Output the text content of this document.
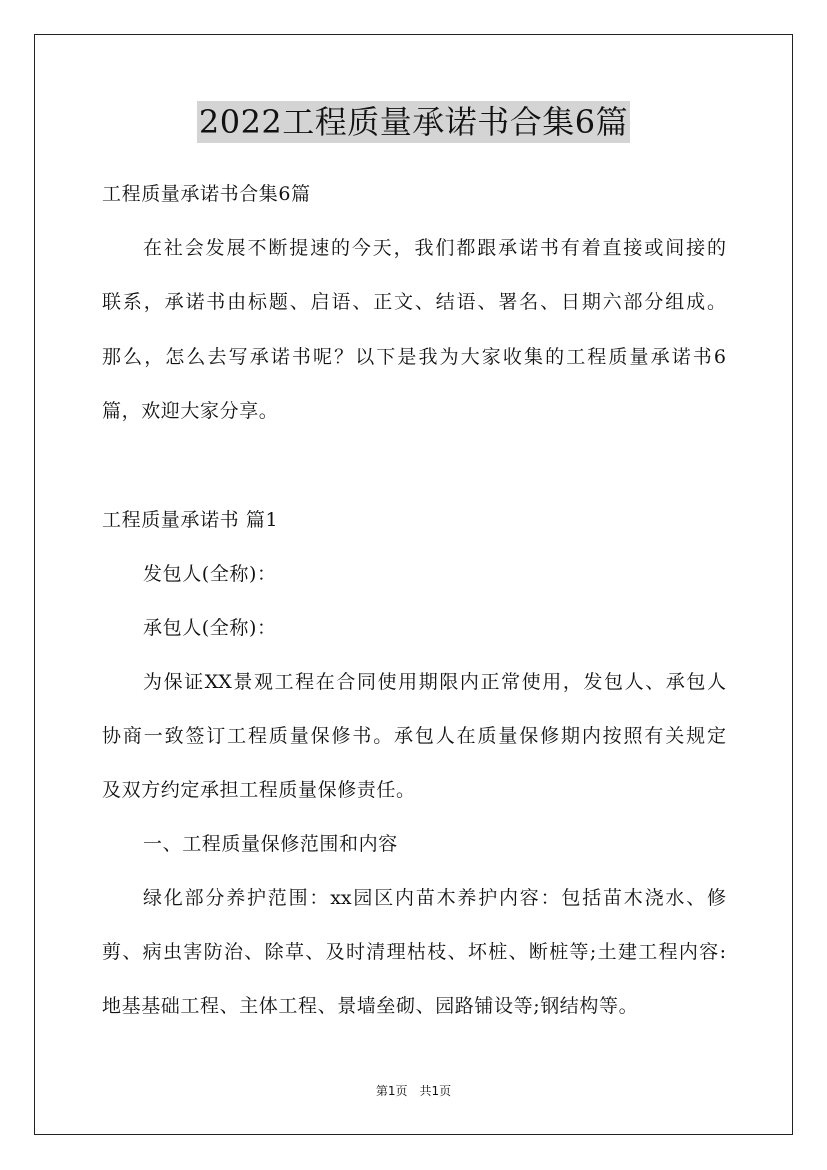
2022工程质量承诺书合集6篇
工程质量承诺书合集6篇
在社会发展不断提速的今天，我们都跟承诺书有着直接或间接的
联系，承诺书由标题、启语、正文、结语、署名、日期六部分组成。
那么，怎么去写承诺书呢？以下是我为大家收集的工程质量承诺书6
篇，欢迎大家分享。
工程质量承诺书 篇1
发包人(全称)：
承包人(全称)：
为保证XX景观工程在合同使用期限内正常使用，发包人、承包人
协商一致签订工程质量保修书。承包人在质量保修期内按照有关规定
及双方约定承担工程质量保修责任。
一、工程质量保修范围和内容
绿化部分养护范围：xx园区内苗木养护内容：包括苗木浇水、修
剪、病虫害防治、除草、及时清理枯枝、坏桩、断桩等;土建工程内容:
地基基础工程、主体工程、景墙垒砌、园路铺设等;钢结构等。
第1页　共1页
